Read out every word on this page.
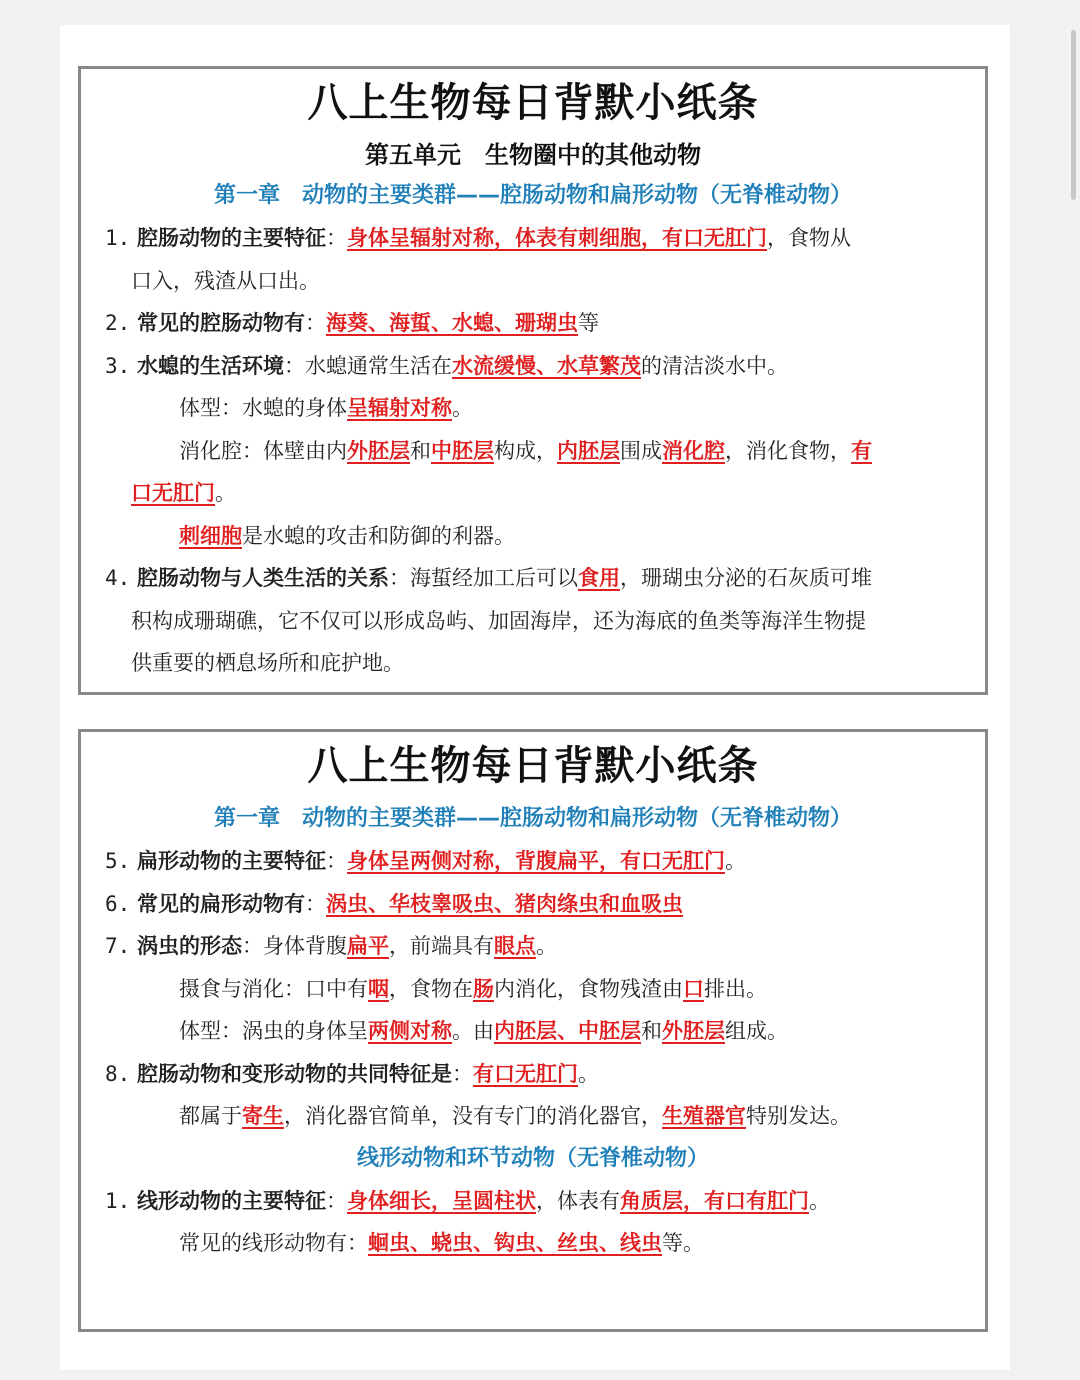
八上生物每日背默小纸条
第五单元　生物圈中的其他动物
第一章　动物的主要类群——腔肠动物和扁形动物（无脊椎动物）
1. 腔肠动物的主要特征：身体呈辐射对称，体表有刺细胞，有口无肛门，食物从
口入，残渣从口出。
2. 常见的腔肠动物有：海葵、海蜇、水螅、珊瑚虫等
3. 水螅的生活环境：水螅通常生活在水流缓慢、水草繁茂的清洁淡水中。
体型：水螅的身体呈辐射对称。
消化腔：体壁由内外胚层和中胚层构成，内胚层围成消化腔，消化食物，有
口无肛门。
刺细胞是水螅的攻击和防御的利器。
4. 腔肠动物与人类生活的关系：海蜇经加工后可以食用，珊瑚虫分泌的石灰质可堆
积构成珊瑚礁，它不仅可以形成岛屿、加固海岸，还为海底的鱼类等海洋生物提
供重要的栖息场所和庇护地。
八上生物每日背默小纸条
第一章　动物的主要类群——腔肠动物和扁形动物（无脊椎动物）
5. 扁形动物的主要特征：身体呈两侧对称，背腹扁平，有口无肛门。
6. 常见的扁形动物有：涡虫、华枝睾吸虫、猪肉绦虫和血吸虫
7. 涡虫的形态：身体背腹扁平，前端具有眼点。
摄食与消化：口中有咽，食物在肠内消化，食物残渣由口排出。
体型：涡虫的身体呈两侧对称。由内胚层、中胚层和外胚层组成。
8. 腔肠动物和变形动物的共同特征是：有口无肛门。
都属于寄生，消化器官简单，没有专门的消化器官，生殖器官特别发达。
线形动物和环节动物（无脊椎动物）
1. 线形动物的主要特征：身体细长，呈圆柱状，体表有角质层，有口有肛门。
常见的线形动物有：蛔虫、蛲虫、钩虫、丝虫、线虫等。
